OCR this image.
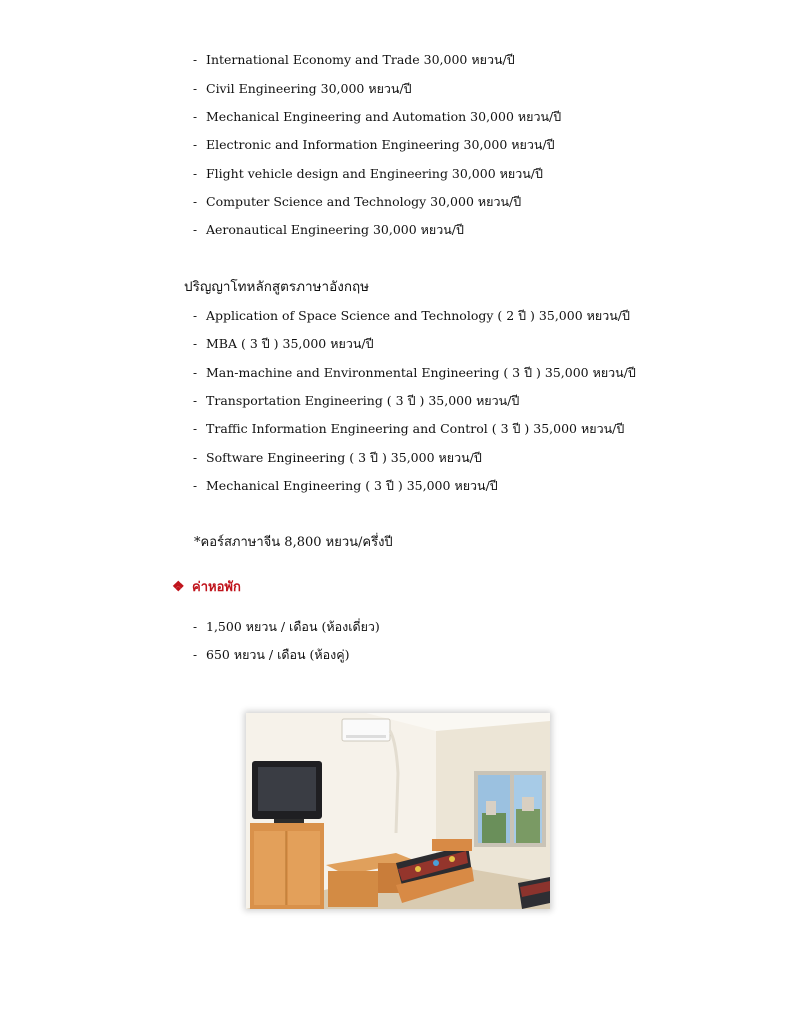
- International Economy and Trade 30,000 หยวน/ปี
- Civil Engineering 30,000 หยวน/ปี
- Mechanical Engineering and Automation 30,000 หยวน/ปี
- Electronic and Information Engineering 30,000 หยวน/ปี
- Flight vehicle design and Engineering 30,000 หยวน/ปี
- Computer Science and Technology 30,000 หยวน/ปี
- Aeronautical Engineering 30,000 หยวน/ปี
ปริญญาโทหลักสูตรภาษาอังกฤษ
- Application of Space Science and Technology ( 2 ปี ) 35,000 หยวน/ปี
- MBA ( 3 ปี ) 35,000 หยวน/ปี
- Man-machine and Environmental Engineering ( 3 ปี ) 35,000 หยวน/ปี
- Transportation Engineering ( 3 ปี ) 35,000 หยวน/ปี
- Traffic Information Engineering and Control ( 3 ปี ) 35,000 หยวน/ปี
- Software Engineering ( 3 ปี ) 35,000 หยวน/ปี
- Mechanical Engineering ( 3 ปี ) 35,000 หยวน/ปี
*คอร์สภาษาจีน 8,800 หยวน/ครึ่งปี
❖ ค่าหอพัก
- 1,500 หยวน / เดือน (ห้องเดี่ยว)
- 650 หยวน / เดือน (ห้องคู่)
